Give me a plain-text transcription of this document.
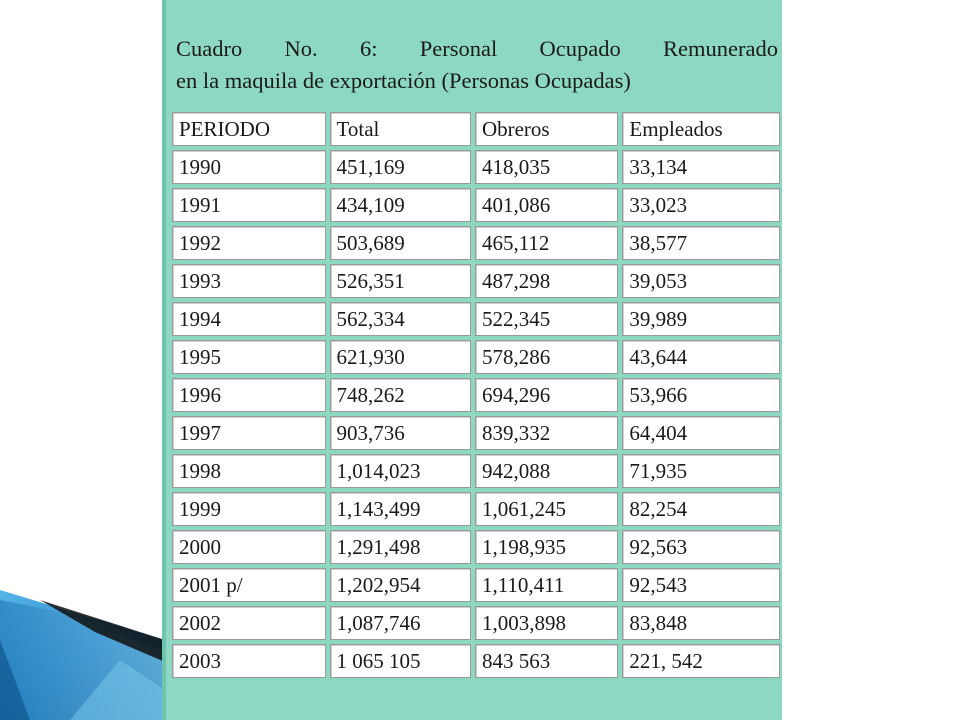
Cuadro No. 6: Personal Ocupado Remunerado
en la maquila de exportación (Personas Ocupadas)
PERIODO	Total	Obreros	Empleados
1990	451,169	418,035	33,134
1991	434,109	401,086	33,023
1992	503,689	465,112	38,577
1993	526,351	487,298	39,053
1994	562,334	522,345	39,989
1995	621,930	578,286	43,644
1996	748,262	694,296	53,966
1997	903,736	839,332	64,404
1998	1,014,023	942,088	71,935
1999	1,143,499	1,061,245	82,254
2000	1,291,498	1,198,935	92,563
2001 p/	1,202,954	1,110,411	92,543
2002	1,087,746	1,003,898	83,848
2003	1 065 105	843 563	221, 542
